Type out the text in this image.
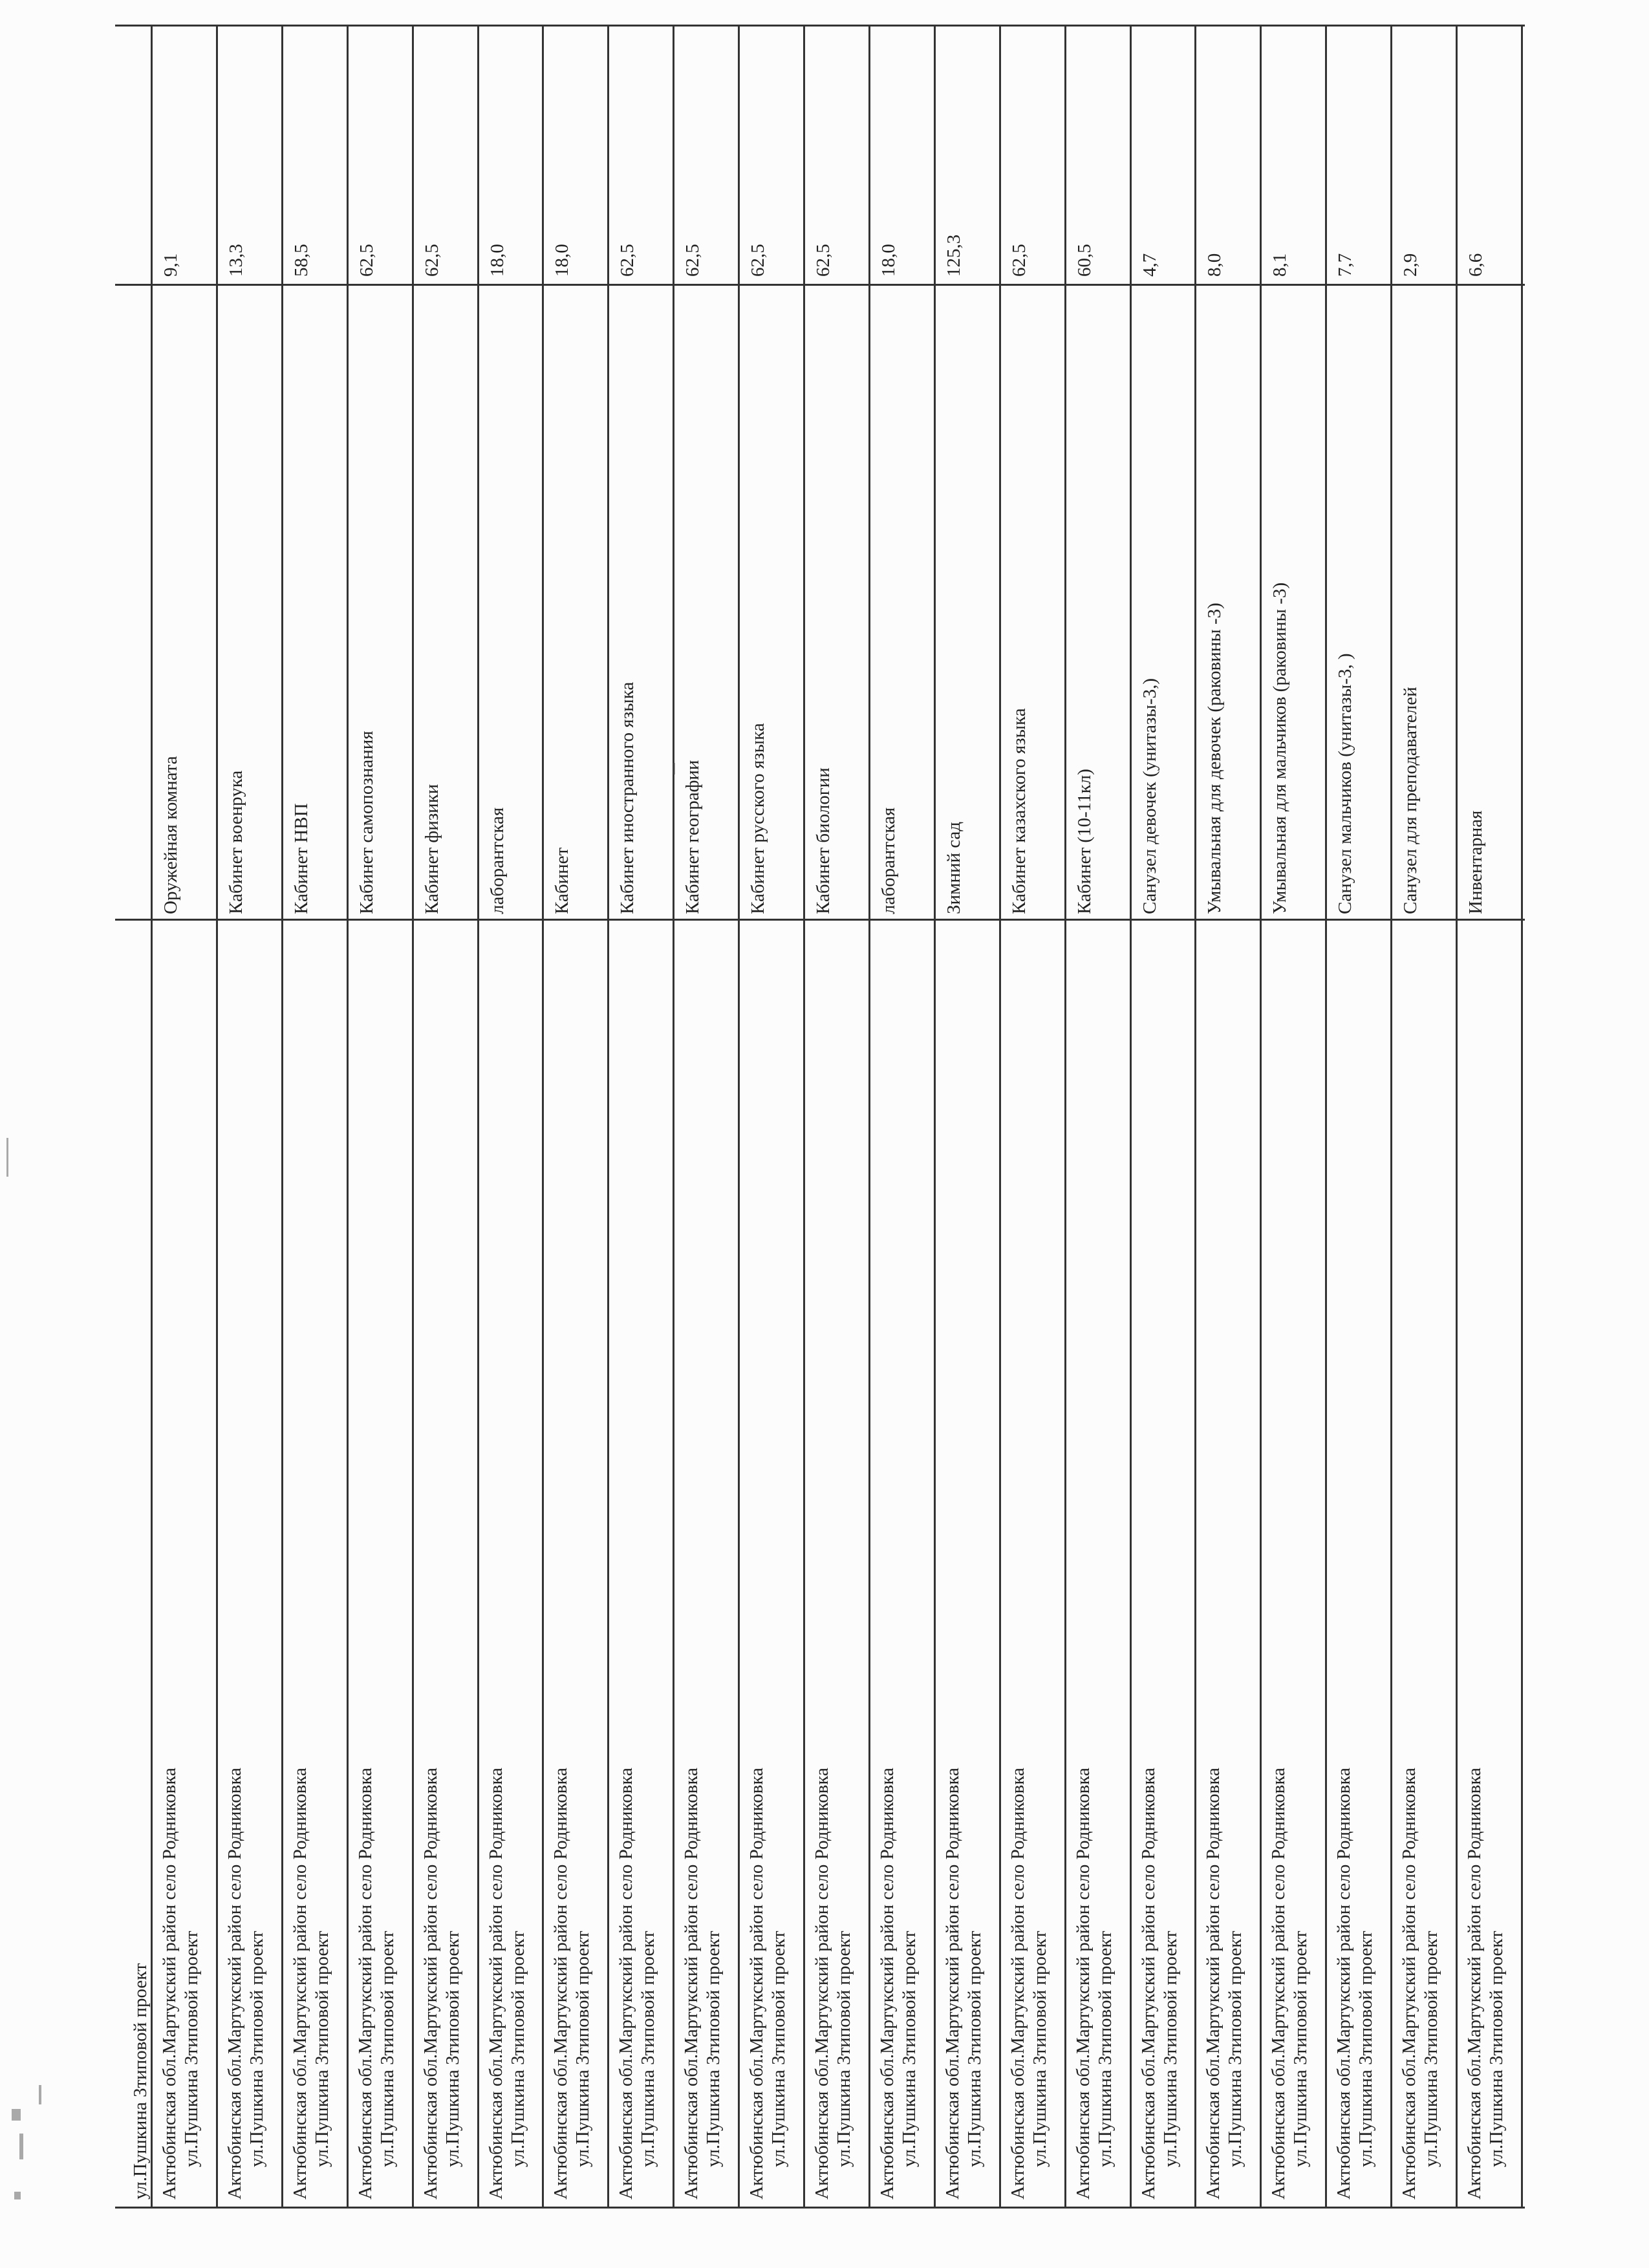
ул.Пушкина 3типовой проект Актюбинская обл.Мартукский район село Родниковка ул.Пушкина 3типовой проект
Оружейная комната
9,1
Актюбинская обл.Мартукский район село Родниковка ул.Пушкина 3типовой проект
Кабинет военрука
13,3
Актюбинская обл.Мартукский район село Родниковка ул.Пушкина 3типовой проект
Кабинет НВП
58,5
Актюбинская обл.Мартукский район село Родниковка ул.Пушкина 3типовой проект
Кабинет самопознания
62,5
Актюбинская обл.Мартукский район село Родниковка ул.Пушкина 3типовой проект
Кабинет физики
62,5
Актюбинская обл.Мартукский район село Родниковка ул.Пушкина 3типовой проект
лаборантская
18,0
Актюбинская обл.Мартукский район село Родниковка ул.Пушкина 3типовой проект
Кабинет
18,0
Актюбинская обл.Мартукский район село Родниковка ул.Пушкина 3типовой проект
Кабинет иностранного языка
62,5
Актюбинская обл.Мартукский район село Родниковка ул.Пушкина 3типовой проект
Кабинет географии
62,5
Актюбинская обл.Мартукский район село Родниковка ул.Пушкина 3типовой проект
Кабинет русского языка
62,5
Актюбинская обл.Мартукский район село Родниковка ул.Пушкина 3типовой проект
Кабинет биологии
62,5
Актюбинская обл.Мартукский район село Родниковка ул.Пушкина 3типовой проект
лаборантская
18,0
Актюбинская обл.Мартукский район село Родниковка ул.Пушкина 3типовой проект
Зимний сад
125,3
Актюбинская обл.Мартукский район село Родниковка ул.Пушкина 3типовой проект
Кабинет казахского языка
62,5
Актюбинская обл.Мартукский район село Родниковка ул.Пушкина 3типовой проект
Кабинет (10-11кл)
60,5
Актюбинская обл.Мартукский район село Родниковка ул.Пушкина 3типовой проект
Санузел девочек (унитазы-3,)
4,7
Актюбинская обл.Мартукский район село Родниковка ул.Пушкина 3типовой проект
Умывальная для девочек (раковины -3)
8,0
Актюбинская обл.Мартукский район село Родниковка ул.Пушкина 3типовой проект
Умывальная для мальчиков (раковины -3)
8,1
Актюбинская обл.Мартукский район село Родниковка ул.Пушкина 3типовой проект
Санузел мальчиков (унитазы-3, )
7,7
Актюбинская обл.Мартукский район село Родниковка ул.Пушкина 3типовой проект
Санузел для преподавателей
2,9
Актюбинская обл.Мартукский район село Родниковка ул.Пушкина 3типовой проект
Инвентарная
6,6
